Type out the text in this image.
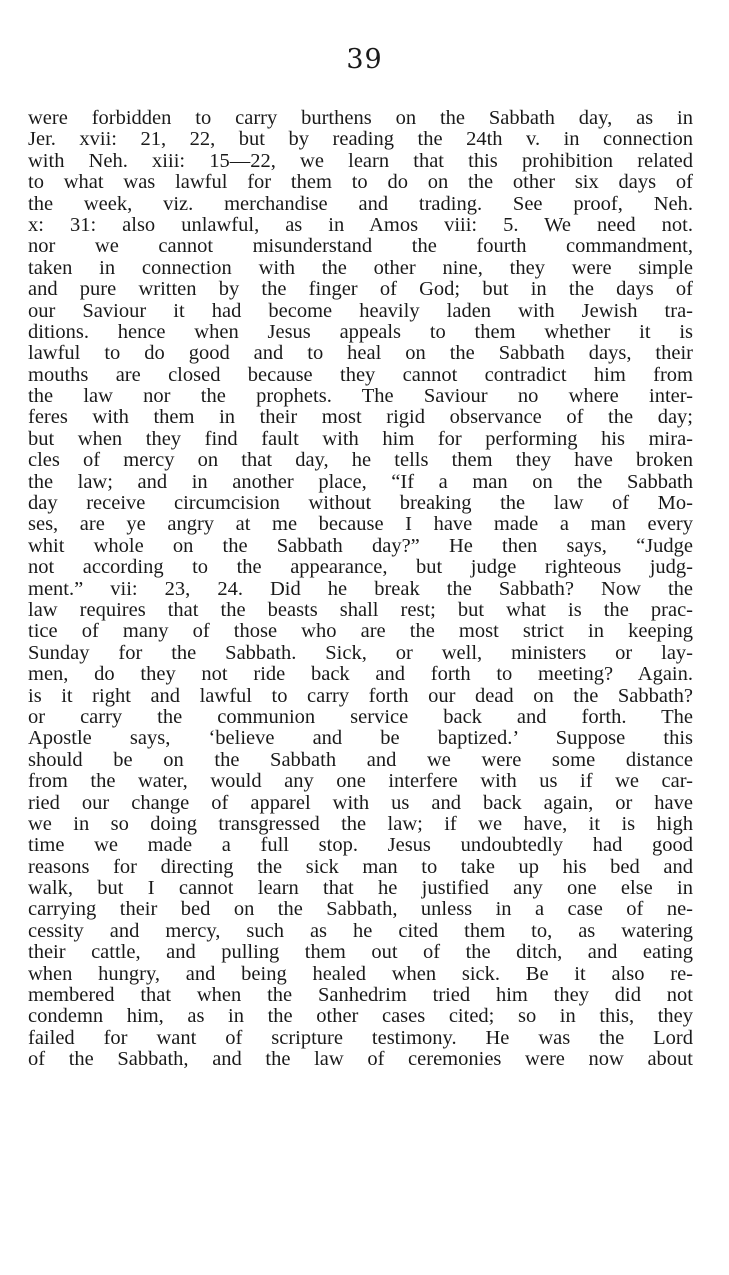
39
were forbidden to carry burthens on the Sabbath day, as in
Jer. xvii: 21, 22, but by reading the 24th v. in connection
with Neh. xiii: 15—22, we learn that this prohibition related
to what was lawful for them to do on the other six days of
the week, viz. merchandise and trading. See proof, Neh.
x: 31: also unlawful, as in Amos viii: 5. We need not.
nor we cannot misunderstand the fourth commandment,
taken in connection with the other nine, they were simple
and pure written by the finger of God; but in the days of
our Saviour it had become heavily laden with Jewish tra-
ditions. hence when Jesus appeals to them whether it is
lawful to do good and to heal on the Sabbath days, their
mouths are closed because they cannot contradict him from
the law nor the prophets. The Saviour no where inter-
feres with them in their most rigid observance of the day;
but when they find fault with him for performing his mira-
cles of mercy on that day, he tells them they have broken
the law; and in another place, “If a man on the Sabbath
day receive circumcision without breaking the law of Mo-
ses, are ye angry at me because I have made a man every
whit whole on the Sabbath day?” He then says, “Judge
not according to the appearance, but judge righteous judg-
ment.” vii: 23, 24. Did he break the Sabbath? Now the
law requires that the beasts shall rest; but what is the prac-
tice of many of those who are the most strict in keeping
Sunday for the Sabbath. Sick, or well, ministers or lay-
men, do they not ride back and forth to meeting? Again.
is it right and lawful to carry forth our dead on the Sabbath?
or carry the communion service back and forth. The
Apostle says, ‘believe and be baptized.’ Suppose this
should be on the Sabbath and we were some distance
from the water, would any one interfere with us if we car-
ried our change of apparel with us and back again, or have
we in so doing transgressed the law; if we have, it is high
time we made a full stop. Jesus undoubtedly had good
reasons for directing the sick man to take up his bed and
walk, but I cannot learn that he justified any one else in
carrying their bed on the Sabbath, unless in a case of ne-
cessity and mercy, such as he cited them to, as watering
their cattle, and pulling them out of the ditch, and eating
when hungry, and being healed when sick. Be it also re-
membered that when the Sanhedrim tried him they did not
condemn him, as in the other cases cited; so in this, they
failed for want of scripture testimony. He was the Lord
of the Sabbath, and the law of ceremonies were now about
